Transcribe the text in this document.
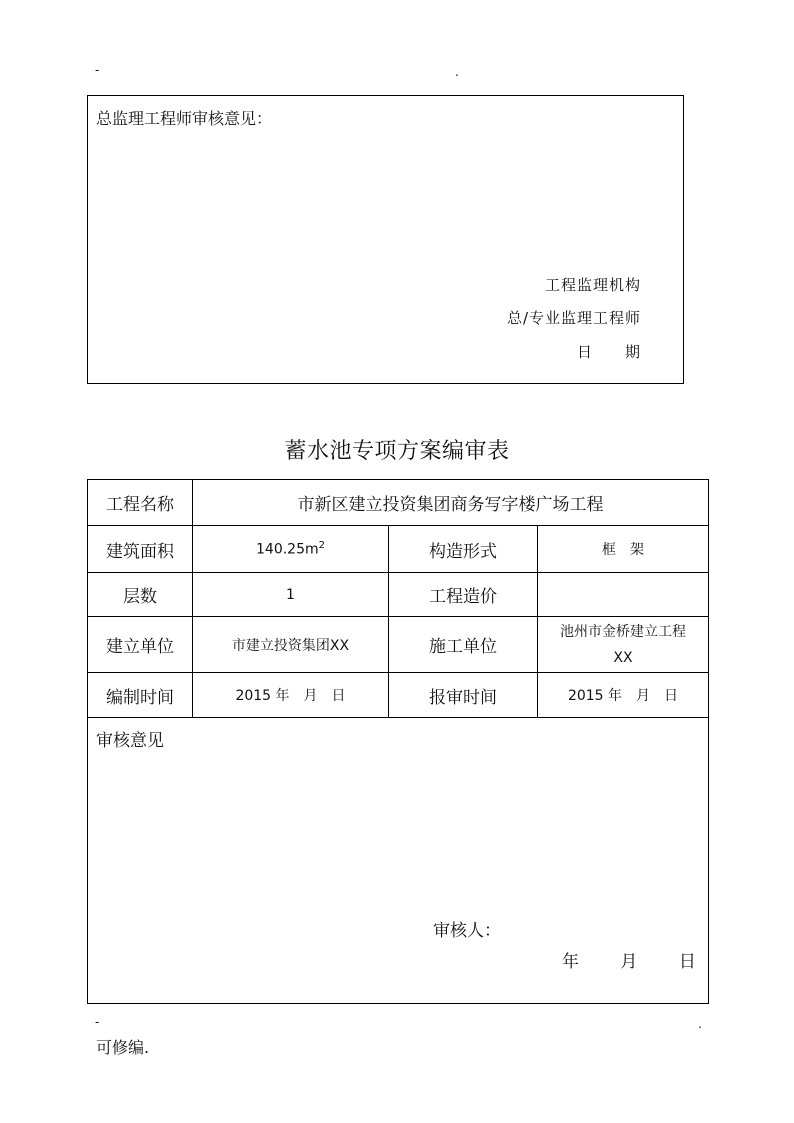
-	.
总监理工程师审核意见：
工程监理机构
总/专业监理工程师
日　　期
蓄水池专项方案编审表
工程名称	市新区建立投资集团商务写字楼广场工程		
建筑面积	$140.25m^2$	构造形式	框　架
层数	1	工程造价	
建立单位	市建立投资集团XX	施工单位	池州市金桥建立工程
XX

编制时间	2015 年　月　日	报审时间	2015 年　月　日

审核意见
审核人：
年 月 日			
-	.
可修编.
